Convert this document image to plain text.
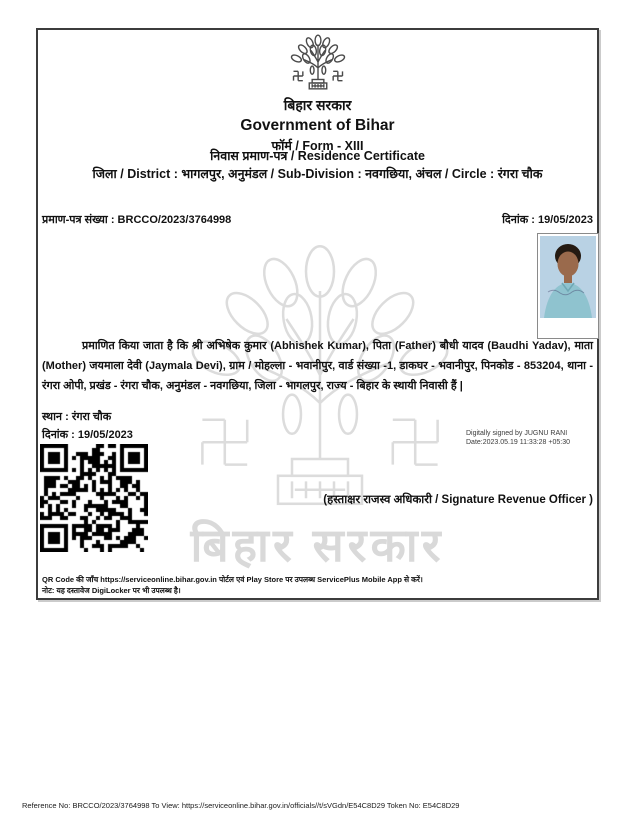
बिहार सरकार
बिहार सरकार
Government of Bihar
फॉर्म / Form - XIII
निवास प्रमाण-पत्र / Residence Certificate
जिला / District : भागलपुर, अनुमंडल / Sub-Division : नवगछिया, अंचल / Circle : रंगरा चौक
प्रमाण-पत्र संख्या : BRCCO/2023/3764998	दिनांक : 19/05/2023

प्रमाणित किया जाता है कि श्री अभिषेक कुमार (Abhishek Kumar), पिता (Father) बौधी यादव (Baudhi Yadav), माता (Mother) जयमाला देवी (Jaymala Devi), ग्राम / मोहल्ला - भवानीपुर, वार्ड संख्या -1, डाकघर - भवानीपुर, पिनकोड - 853204, थाना - रंगरा ओपी, प्रखंड - रंगरा चौक, अनुमंडल - नवगछिया, जिला - भागलपुर, राज्य - बिहार के स्थायी निवासी हैं |

स्थान : रंगरा चौक
दिनांक : 19/05/2023	Digitally signed by JUGNU RANI
Date:2023.05.19 11:33:28 +05:30
(हस्ताक्षर राजस्व अधिकारी / Signature Revenue Officer )
QR Code की जाँच https://serviceonline.bihar.gov.in पोर्टल एवं Play Store पर उपलब्ध ServicePlus Mobile App से करें।
नोट: यह दस्तावेज DigiLocker पर भी उपलब्ध है।
Reference No: BRCCO/2023/3764998 To View: https://serviceonline.bihar.gov.in/officials//t/sVGdn/E54C8D29 Token No: E54C8D29
